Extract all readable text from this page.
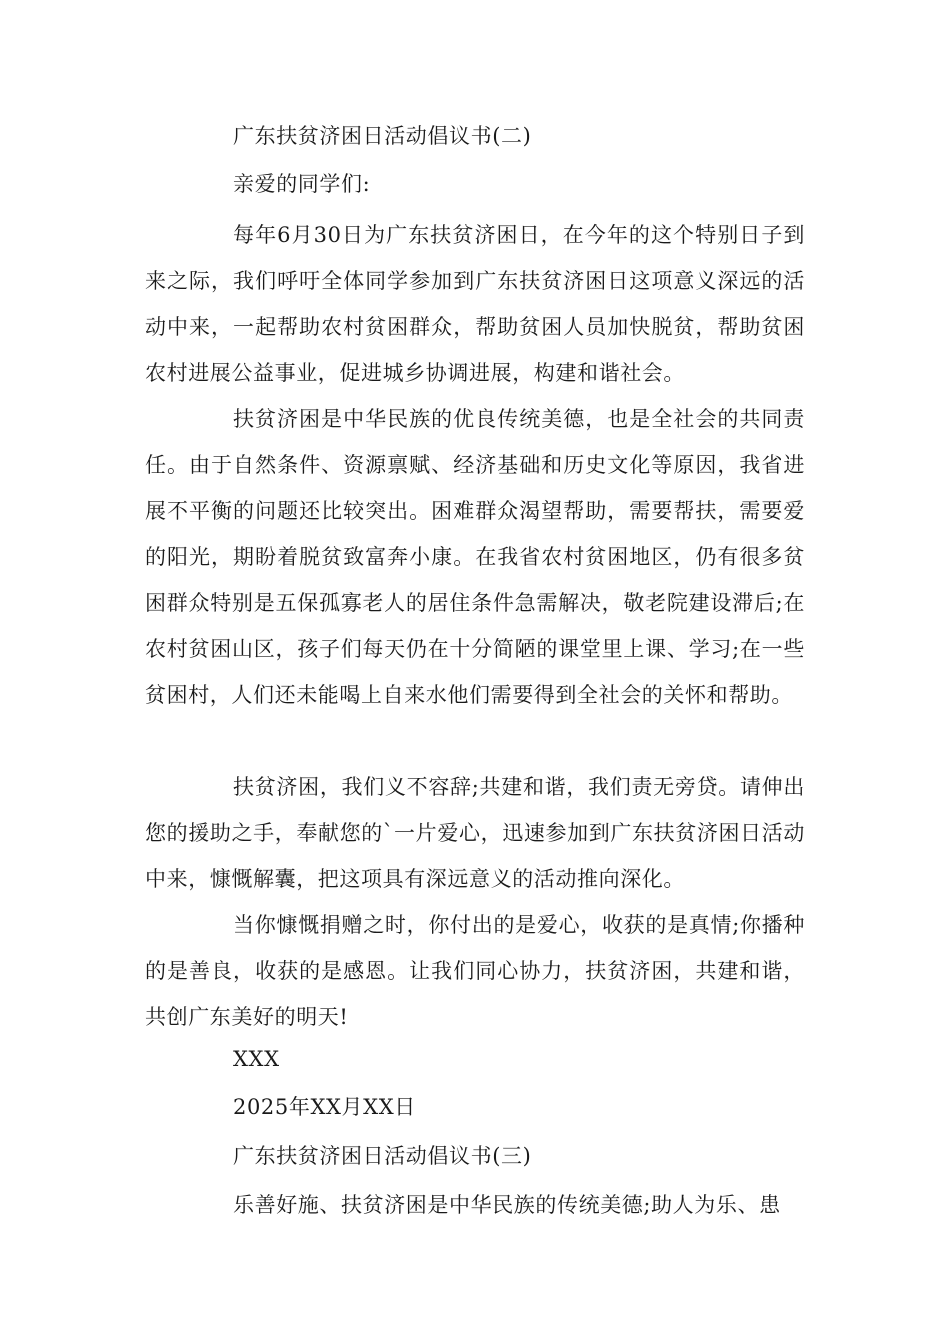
广东扶贫济困日活动倡议书(二)

亲爱的同学们:

每年6月30日为广东扶贫济困日，在今年的这个特别日子到来之际，我们呼吁全体同学参加到广东扶贫济困日这项意义深远的活动中来，一起帮助农村贫困群众，帮助贫困人员加快脱贫，帮助贫困农村进展公益事业，促进城乡协调进展，构建和谐社会。

扶贫济困是中华民族的优良传统美德，也是全社会的共同责任。由于自然条件、资源禀赋、经济基础和历史文化等原因，我省进展不平衡的问题还比较突出。困难群众渴望帮助，需要帮扶，需要爱的阳光，期盼着脱贫致富奔小康。在我省农村贫困地区，仍有很多贫困群众特别是五保孤寡老人的居住条件急需解决，敬老院建设滞后;在农村贫困山区，孩子们每天仍在十分简陋的课堂里上课、学习;在一些贫困村，人们还未能喝上自来水他们需要得到全社会的关怀和帮助。

扶贫济困，我们义不容辞;共建和谐，我们责无旁贷。请伸出您的援助之手，奉献您的`一片爱心，迅速参加到广东扶贫济困日活动中来，慷慨解囊，把这项具有深远意义的活动推向深化。

当你慷慨捐赠之时，你付出的是爱心，收获的是真情;你播种的是善良，收获的是感恩。让我们同心协力，扶贫济困，共建和谐，共创广东美好的明天!

XXX

2025年XX月XX日

广东扶贫济困日活动倡议书(三)

乐善好施、扶贫济困是中华民族的传统美德;助人为乐、患
